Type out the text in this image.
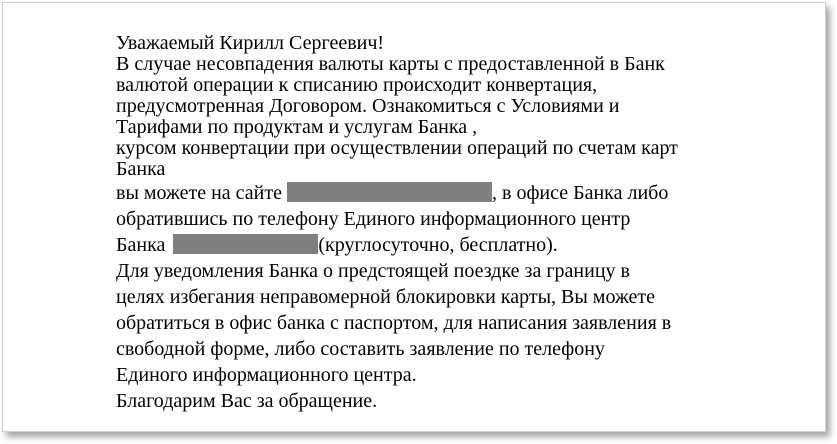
Уважаемый Кирилл Сергеевич!
В случае несовпадения валюты карты с предоставленной в Банк
валютой операции к списанию происходит конвертация,
предусмотренная Договором. Ознакомиться с Условиями и
Тарифами по продуктам и услугам Банка ,
курсом конвертации при осуществлении операций по счетам карт
Банка
вы можете на сайте	, в офисе Банка либо
обратившись по телефону Единого информационного центр
Банка	(круглосуточно, бесплатно).
Для уведомления Банка о предстоящей поездке за границу в
целях избегания неправомерной блокировки карты, Вы можете
обратиться в офис банка с паспортом, для написания заявления в
свободной форме, либо составить заявление по телефону
Единого информационного центра.
Благодарим Вас за обращение.
